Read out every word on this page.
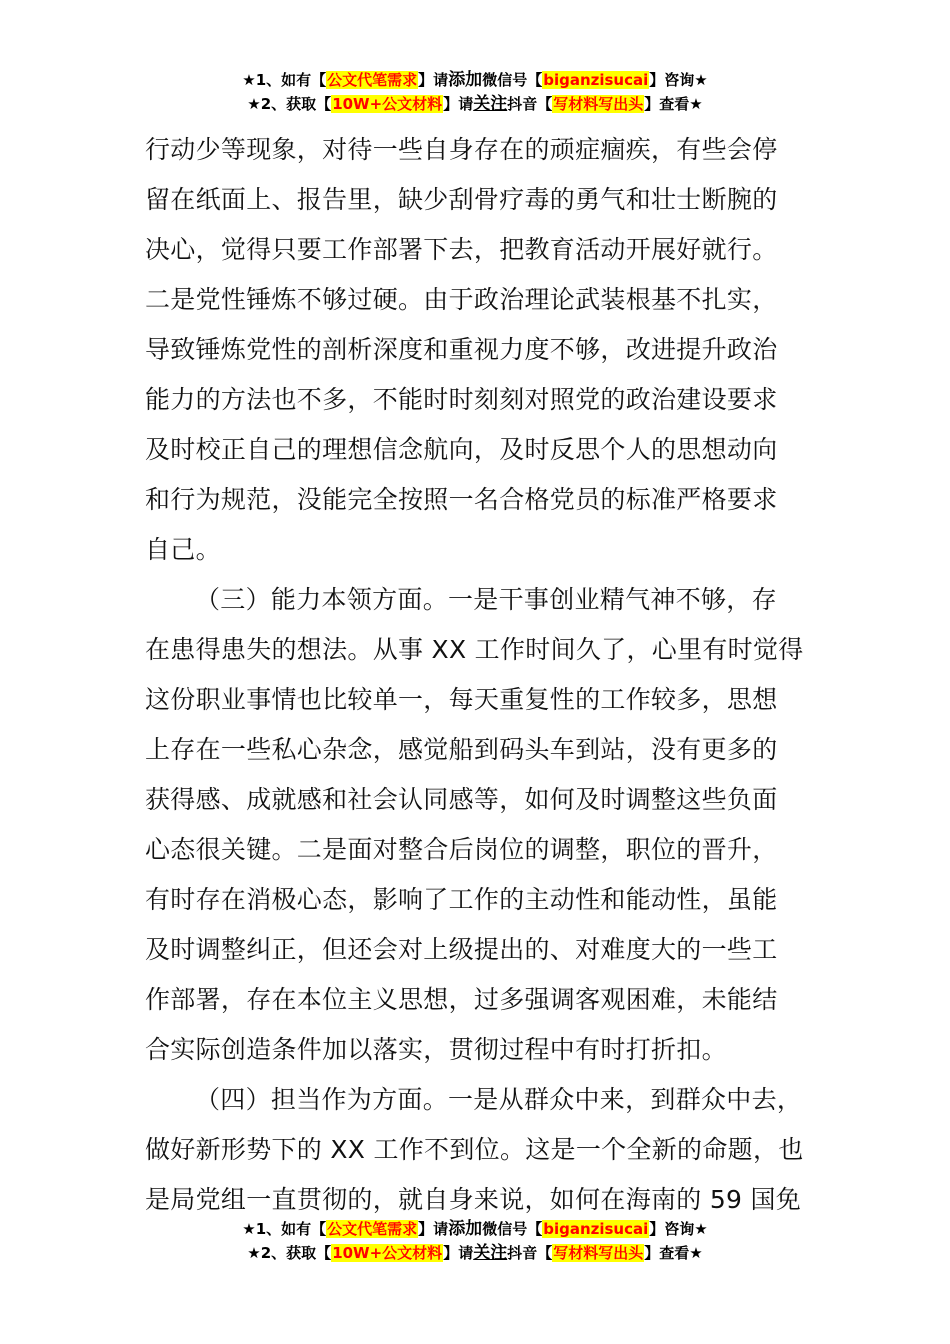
★1、如有【公文代笔需求】请添加微信号【biganzisucai】咨询★
★2、获取【10W+公文材料】请关注抖音【写材料写出头】查看★
行动少等现象，对待一些自身存在的顽症痼疾，有些会停
留在纸面上、报告里，缺少刮骨疗毒的勇气和壮士断腕的
决心，觉得只要工作部署下去，把教育活动开展好就行。
二是党性锤炼不够过硬。由于政治理论武装根基不扎实，
导致锤炼党性的剖析深度和重视力度不够，改进提升政治
能力的方法也不多，不能时时刻刻对照党的政治建设要求
及时校正自己的理想信念航向，及时反思个人的思想动向
和行为规范，没能完全按照一名合格党员的标准严格要求
自己。
（三）能力本领方面。一是干事创业精气神不够，存
在患得患失的想法。从事 XX 工作时间久了，心里有时觉得
这份职业事情也比较单一，每天重复性的工作较多，思想
上存在一些私心杂念，感觉船到码头车到站，没有更多的
获得感、成就感和社会认同感等，如何及时调整这些负面
心态很关键。二是面对整合后岗位的调整，职位的晋升，
有时存在消极心态，影响了工作的主动性和能动性，虽能
及时调整纠正，但还会对上级提出的、对难度大的一些工
作部署，存在本位主义思想，过多强调客观困难，未能结
合实际创造条件加以落实，贯彻过程中有时打折扣。
（四）担当作为方面。一是从群众中来，到群众中去，
做好新形势下的 XX 工作不到位。这是一个全新的命题，也
是局党组一直贯彻的，就自身来说，如何在海南的 59 国免
★1、如有【公文代笔需求】请添加微信号【biganzisucai】咨询★
★2、获取【10W+公文材料】请关注抖音【写材料写出头】查看★
